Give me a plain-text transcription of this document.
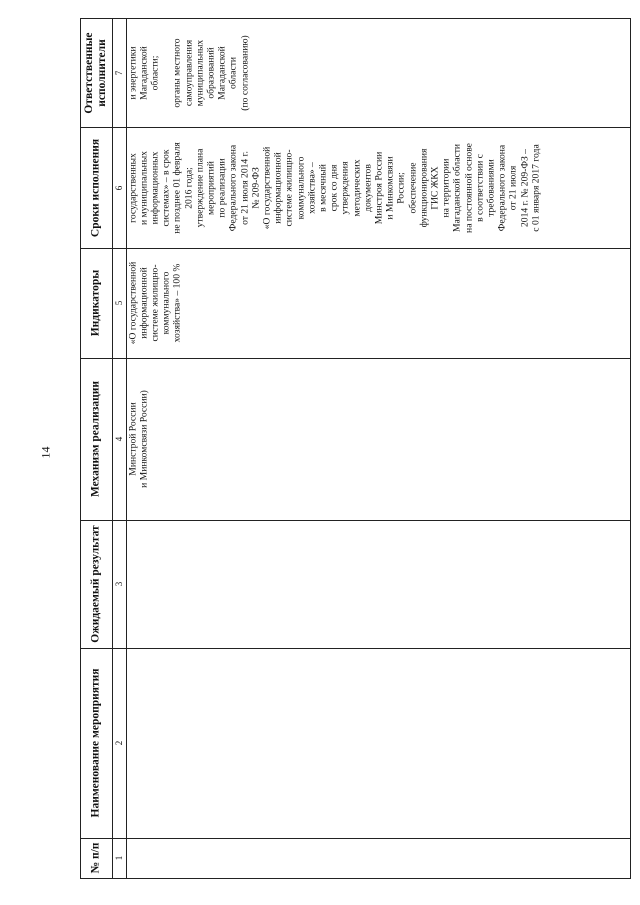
14
№ п/п 1
Наименование мероприятия 2
Ожидаемый результат 3
Механизм реализации 4
Индикаторы 5
Сроки исполнения 6
Ответственные исполнители 7
Минстрой России и Минкомсвязи России)
«О государственной информационной системе жилищно- коммунального хозяйства» – 100 %
государственных и муниципальных информационных системах» – в срок не позднее 01 февраля 2016 года; утверждение плана мероприятий по реализации Федерального закона от 21 июля 2014 г. № 209-ФЗ «О государственной информационной системе жилищно- коммунального хозяйства» – в месячный срок со дня утверждения методических документов Минстроя России и Минкомсвязи России; обеспечение функционирования ГИС ЖКХ на территории Магаданской области на постоянной основе в соответствии с требованиями Федерального закона от 21 июля 2014 г. № 209-ФЗ – с 01 января 2017 года
и энергетики Магаданской области; органы местного самоуправления муниципальных образований Магаданской области (по согласованию)
